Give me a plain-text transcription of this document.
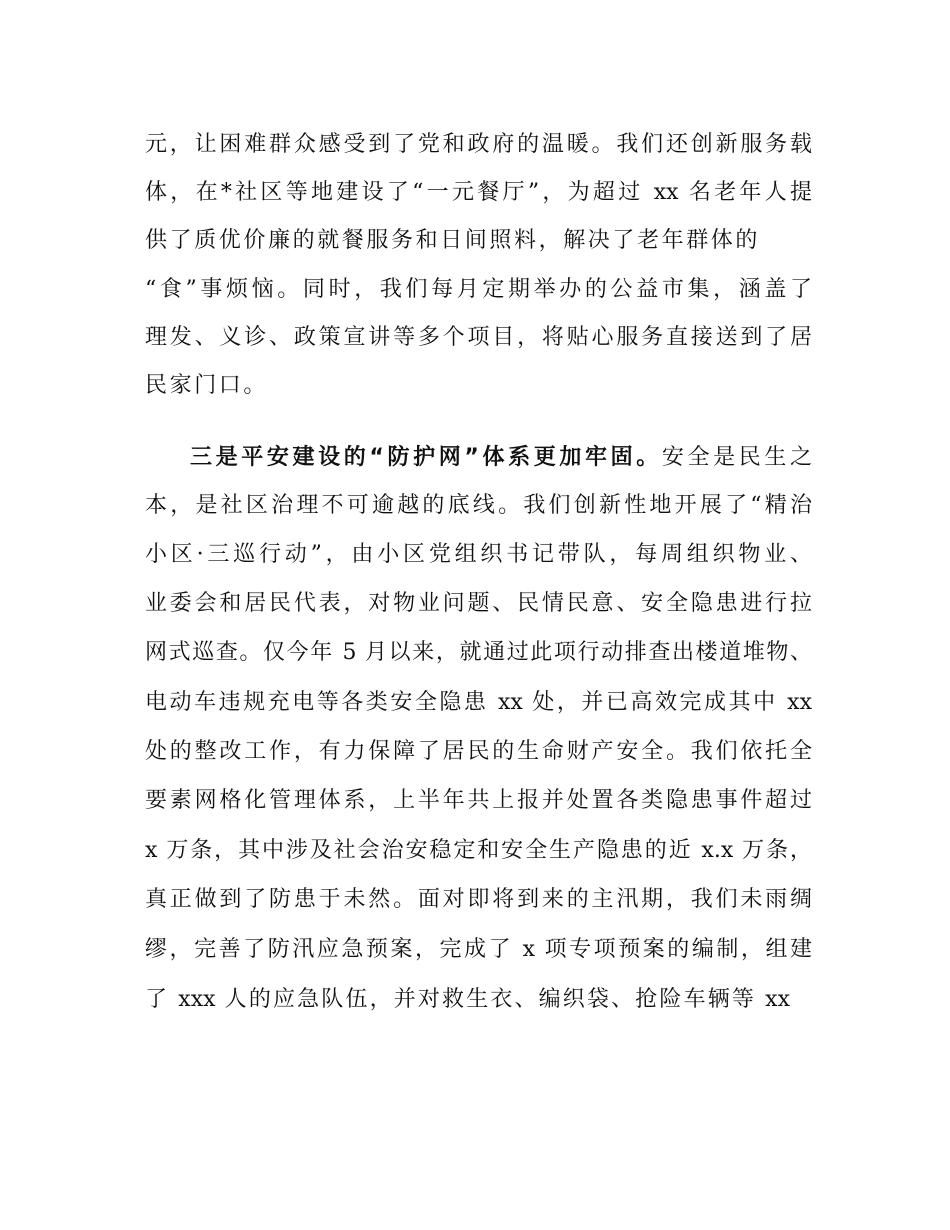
元，让困难群众感受到了党和政府的温暖。我们还创新服务载
体，在*社区等地建设了“一元餐厅”，为超过 xx 名老年人提
供了质优价廉的就餐服务和日间照料，解决了老年群体的
“食”事烦恼。同时，我们每月定期举办的公益市集，涵盖了
理发、义诊、政策宣讲等多个项目，将贴心服务直接送到了居
民家门口。
三是平安建设的“防护网”体系更加牢固。安全是民生之
本，是社区治理不可逾越的底线。我们创新性地开展了“精治
小区·三巡行动”，由小区党组织书记带队，每周组织物业、
业委会和居民代表，对物业问题、民情民意、安全隐患进行拉
网式巡查。仅今年 5 月以来，就通过此项行动排查出楼道堆物、
电动车违规充电等各类安全隐患 xx 处，并已高效完成其中 xx
处的整改工作，有力保障了居民的生命财产安全。我们依托全
要素网格化管理体系，上半年共上报并处置各类隐患事件超过
x 万条，其中涉及社会治安稳定和安全生产隐患的近 x.x 万条，
真正做到了防患于未然。面对即将到来的主汛期，我们未雨绸
缪，完善了防汛应急预案，完成了 x 项专项预案的编制，组建
了 xxx 人的应急队伍，并对救生衣、编织袋、抢险车辆等 xx
